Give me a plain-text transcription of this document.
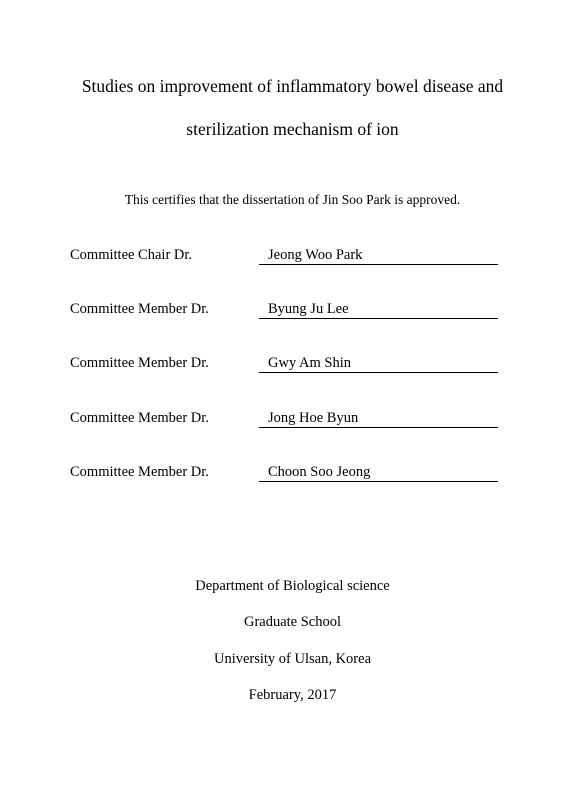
Studies on improvement of inflammatory bowel disease and
sterilization mechanism of ion
This certifies that the dissertation of Jin Soo Park is approved.
Committee Chair Dr.	Jeong Woo Park
Committee Member Dr.	Byung Ju Lee
Committee Member Dr.	Gwy Am Shin
Committee Member Dr.	Jong Hoe Byun
Committee Member Dr.	Choon Soo Jeong
Department of Biological science
Graduate School
University of Ulsan, Korea
February, 2017
